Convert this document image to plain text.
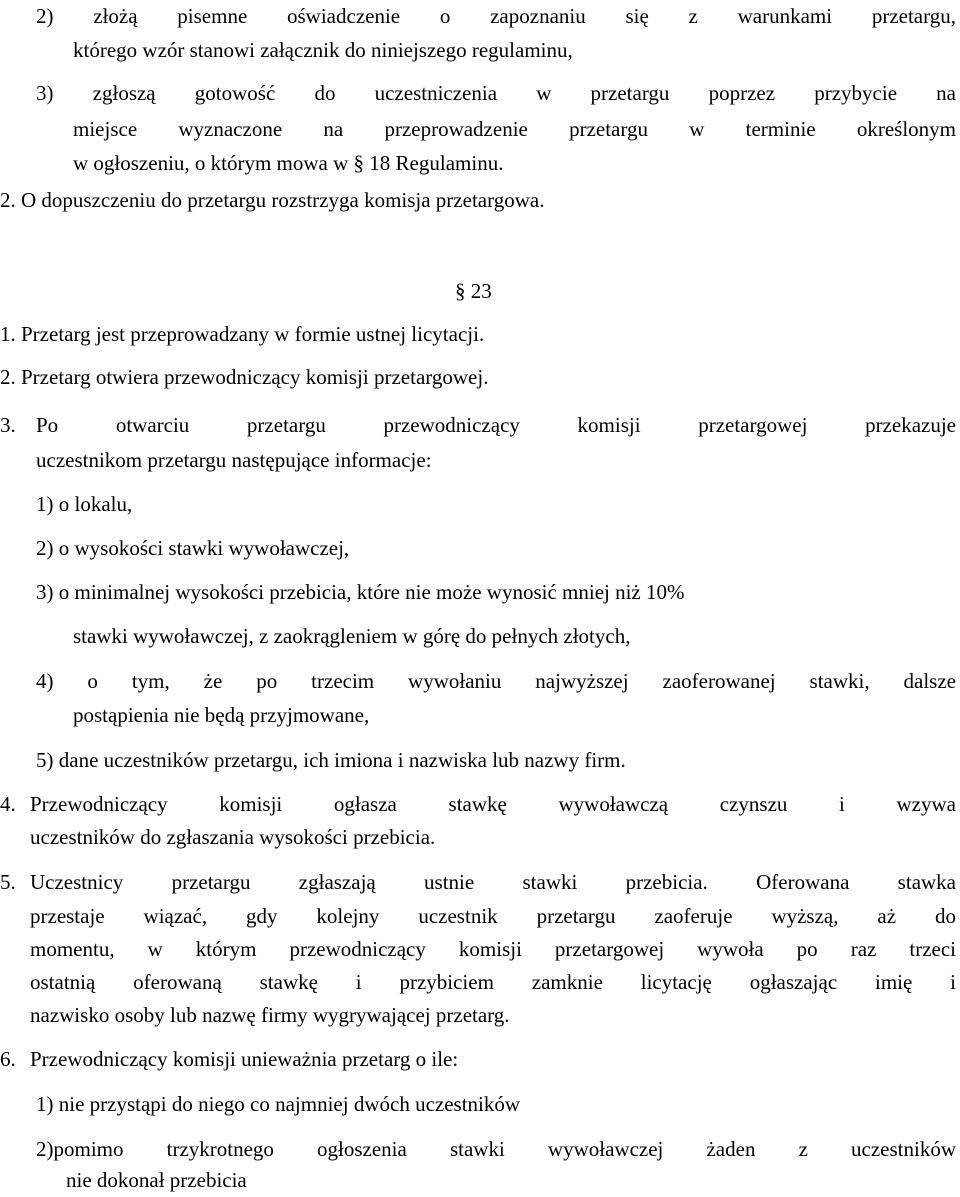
2) złożą pisemne oświadczenie o zapoznaniu się z warunkami przetargu,
którego wzór stanowi załącznik do niniejszego regulaminu,
3) zgłoszą gotowość do uczestniczenia w przetargu poprzez przybycie na
miejsce wyznaczone na przeprowadzenie przetargu w terminie określonym
w ogłoszeniu, o którym mowa w § 18 Regulaminu.
2. O dopuszczeniu do przetargu rozstrzyga komisja przetargowa.
§ 23
1. Przetarg jest przeprowadzany w formie ustnej licytacji.
2. Przetarg otwiera przewodniczący komisji przetargowej.
3. Po otwarciu przetargu przewodniczący komisji przetargowej przekazuje
uczestnikom przetargu następujące informacje:
1) o lokalu,
2) o wysokości stawki wywoławczej,
3) o minimalnej wysokości przebicia, które nie może wynosić mniej niż 10%
stawki wywoławczej, z zaokrągleniem w górę do pełnych złotych,
4) o tym, że po trzecim wywołaniu najwyższej zaoferowanej stawki, dalsze
postąpienia nie będą przyjmowane,
5) dane uczestników przetargu, ich imiona i nazwiska lub nazwy firm.
4. Przewodniczący komisji ogłasza stawkę wywoławczą czynszu i wzywa
uczestników do zgłaszania wysokości przebicia.
5. Uczestnicy przetargu zgłaszają ustnie stawki przebicia. Oferowana stawka
przestaje wiązać, gdy kolejny uczestnik przetargu zaoferuje wyższą, aż do
momentu, w którym przewodniczący komisji przetargowej wywoła po raz trzeci
ostatnią oferowaną stawkę i przybiciem zamknie licytację ogłaszając imię i
nazwisko osoby lub nazwę firmy wygrywającej przetarg.
6. Przewodniczący komisji unieważnia przetarg o ile:
1) nie przystąpi do niego co najmniej dwóch uczestników
2)pomimo trzykrotnego ogłoszenia stawki wywoławczej żaden z uczestników
nie dokonał przebicia
